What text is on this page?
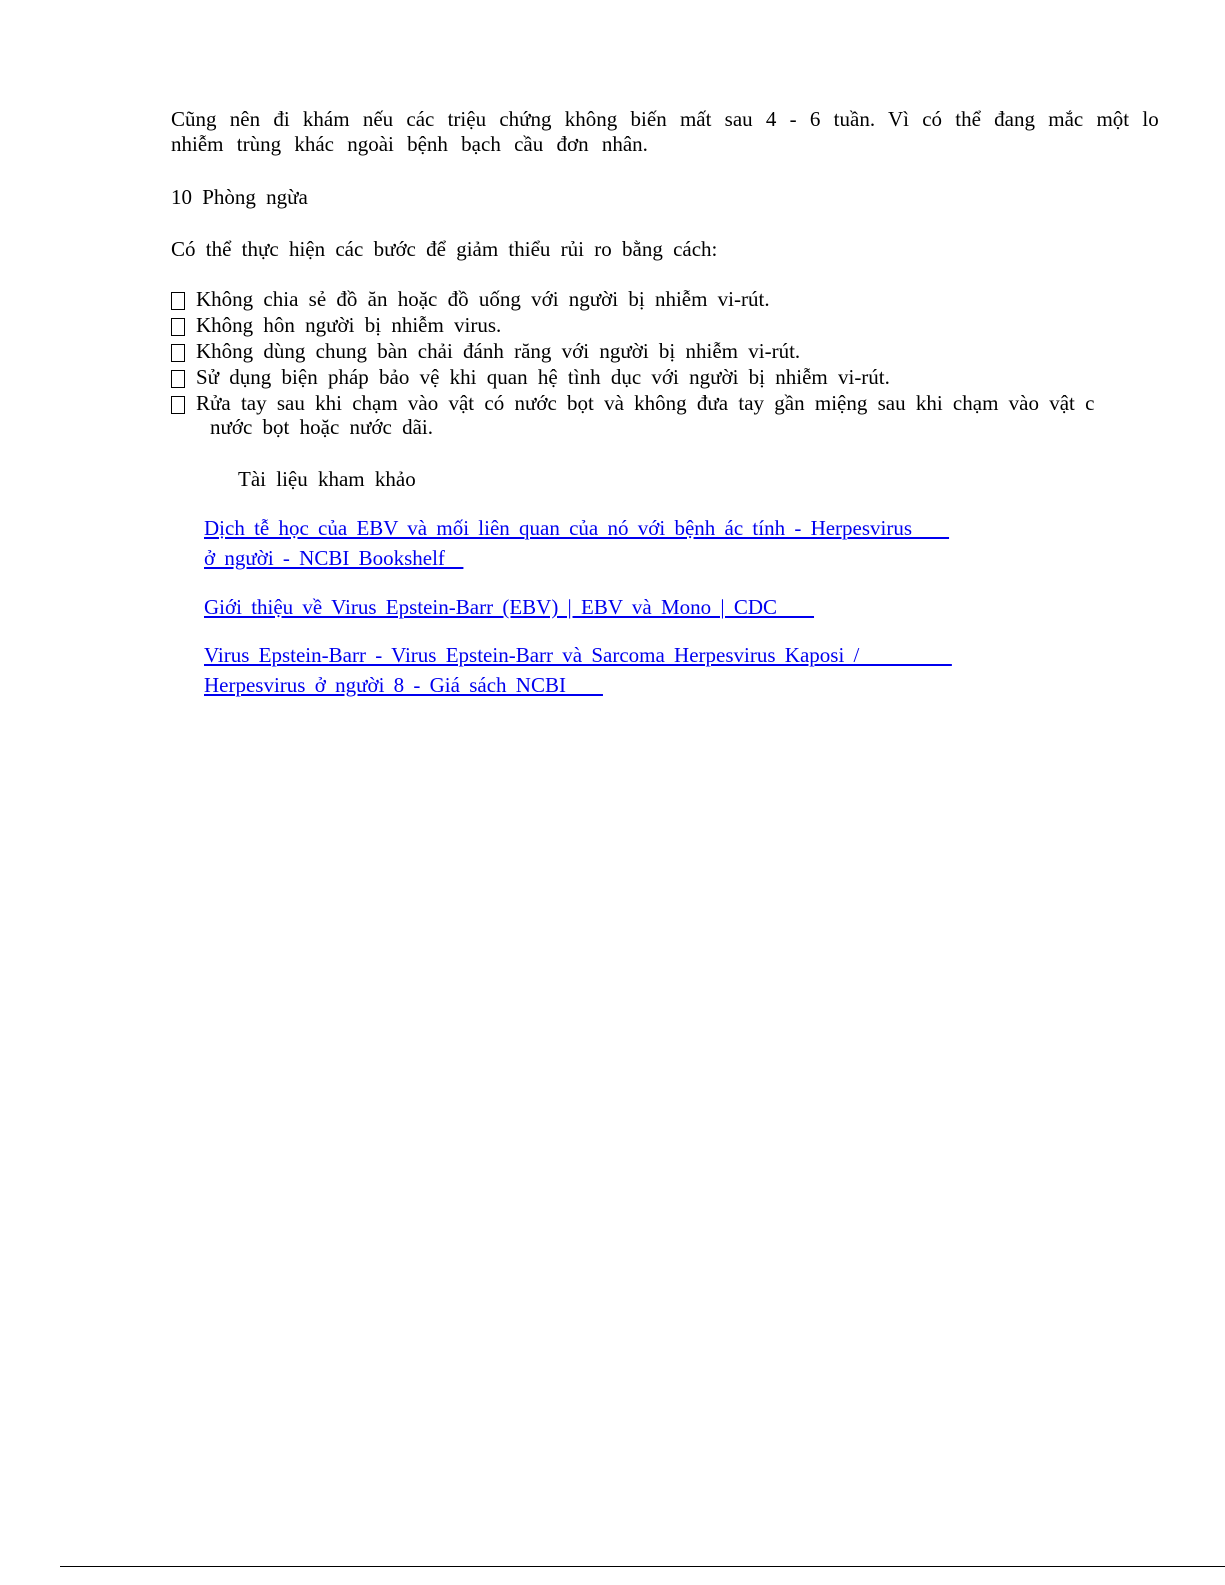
Cũng nên đi khám nếu các triệu chứng không biến mất sau 4 - 6 tuần. Vì có thể đang mắc một lo
nhiễm trùng khác ngoài bệnh bạch cầu đơn nhân.
10 Phòng ngừa
Có thể thực hiện các bước để giảm thiểu rủi ro bằng cách:
Không chia sẻ đồ ăn hoặc đồ uống với người bị nhiễm vi-rút.
Không hôn người bị nhiễm virus.
Không dùng chung bàn chải đánh răng với người bị nhiễm vi-rút.
Sử dụng biện pháp bảo vệ khi quan hệ tình dục với người bị nhiễm vi-rút.
Rửa tay sau khi chạm vào vật có nước bọt và không đưa tay gần miệng sau khi chạm vào vật c
nước bọt hoặc nước dãi.
Tài liệu kham khảo
Dịch tễ học của EBV và mối liên quan của nó với bệnh ác tính - Herpesvirus
ở người - NCBI Bookshelf
Giới thiệu về Virus Epstein-Barr (EBV) | EBV và Mono | CDC
Virus Epstein-Barr - Virus Epstein-Barr và Sarcoma Herpesvirus Kaposi /
Herpesvirus ở người 8 - Giá sách NCBI
